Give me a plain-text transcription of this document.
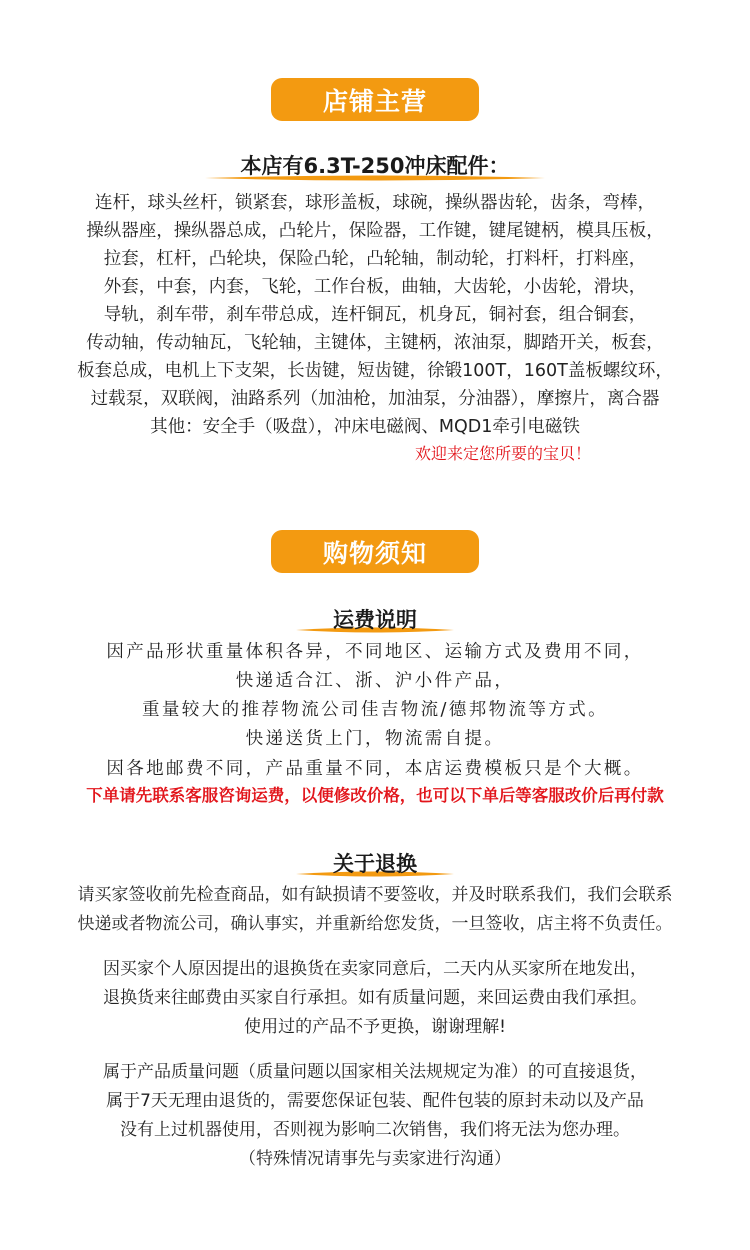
店铺主营
本店有6.3T-250冲床配件：
连杆，球头丝杆，锁紧套，球形盖板，球碗，操纵器齿轮，齿条，弯棒，
操纵器座，操纵器总成，凸轮片，保险器，工作键，键尾键柄，模具压板，
拉套，杠杆，凸轮块，保险凸轮，凸轮轴，制动轮，打料杆，打料座，
外套，中套，内套，飞轮，工作台板，曲轴，大齿轮，小齿轮，滑块，
导轨，刹车带，刹车带总成，连杆铜瓦，机身瓦，铜衬套，组合铜套，
传动轴，传动轴瓦，飞轮轴，主键体，主键柄，浓油泵，脚踏开关，板套，
板套总成，电机上下支架，长齿键，短齿键，徐锻100T，160T盖板螺纹环，
过载泵，双联阀，油路系列（加油枪，加油泵，分油器），摩擦片，离合器
其他：安全手（吸盘），冲床电磁阀、MQD1牵引电磁铁
欢迎来定您所要的宝贝！
购物须知
运费说明
因产品形状重量体积各异，不同地区、运输方式及费用不同，
快递适合江、浙、沪小件产品，
重量较大的推荐物流公司佳吉物流/德邦物流等方式。
快递送货上门，物流需自提。
因各地邮费不同，产品重量不同，本店运费模板只是个大概。
下单请先联系客服咨询运费，以便修改价格，也可以下单后等客服改价后再付款
关于退换
请买家签收前先检查商品，如有缺损请不要签收，并及时联系我们，我们会联系
快递或者物流公司，确认事实，并重新给您发货，一旦签收，店主将不负责任。
因买家个人原因提出的退换货在卖家同意后，二天内从买家所在地发出，
退换货来往邮费由买家自行承担。如有质量问题，来回运费由我们承担。
使用过的产品不予更换，谢谢理解!
属于产品质量问题（质量问题以国家相关法规规定为准）的可直接退货，
属于7天无理由退货的，需要您保证包装、配件包装的原封未动以及产品
没有上过机器使用，否则视为影响二次销售，我们将无法为您办理。
（特殊情况请事先与卖家进行沟通）
